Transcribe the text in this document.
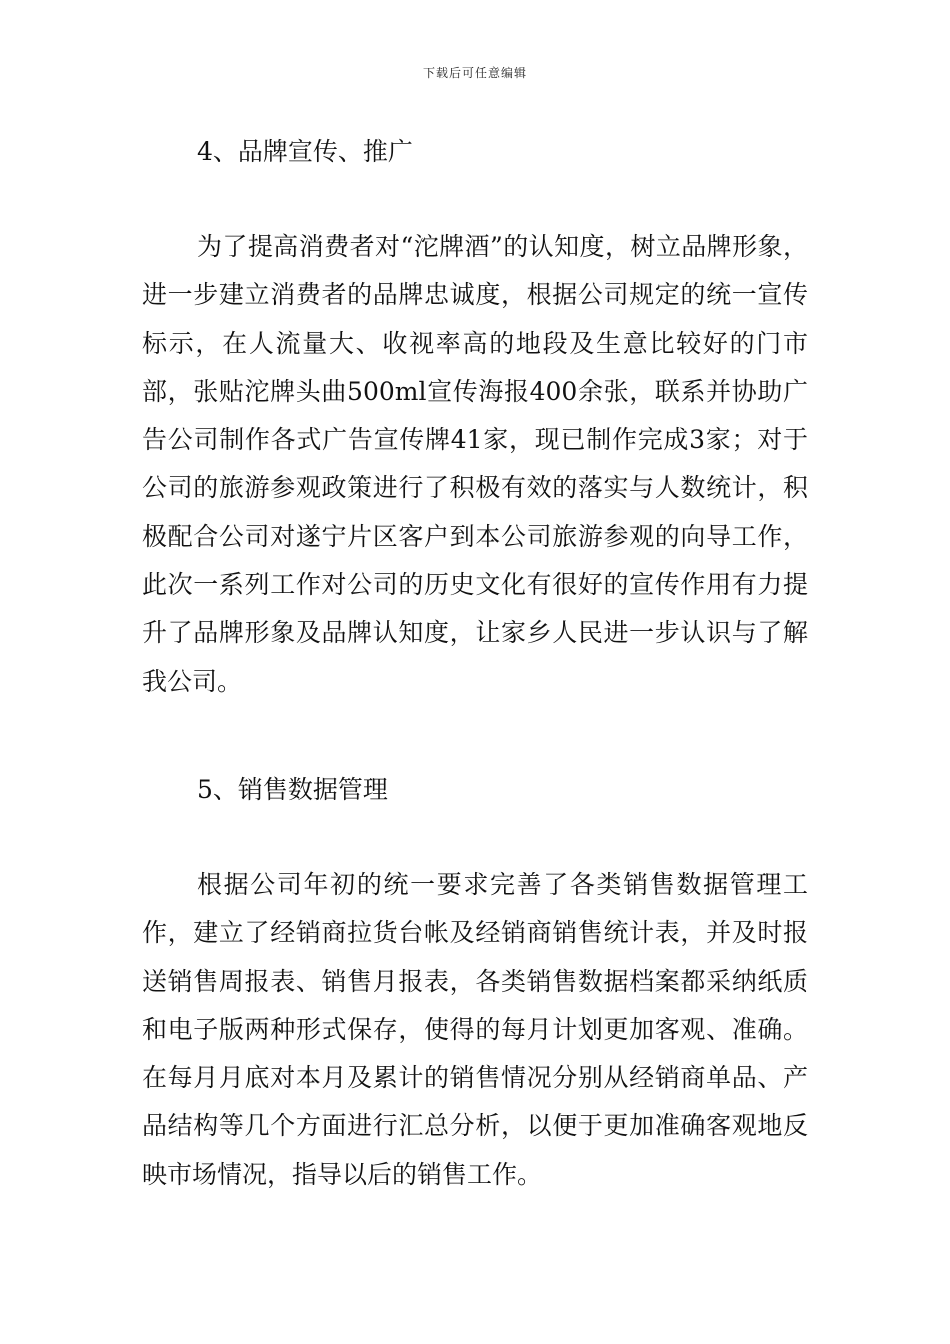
下载后可任意编辑
4、品牌宣传、推广

为了提高消费者对“沱牌酒”的认知度，树立品牌形象，进一步建立消费者的品牌忠诚度，根据公司规定的统一宣传标示，在人流量大、收视率高的地段及生意比较好的门市部，张贴沱牌头曲500ml宣传海报400余张，联系并协助广告公司制作各式广告宣传牌41家，现已制作完成3家；对于公司的旅游参观政策进行了积极有效的落实与人数统计，积极配合公司对遂宁片区客户到本公司旅游参观的向导工作，此次一系列工作对公司的历史文化有很好的宣传作用有力提升了品牌形象及品牌认知度，让家乡人民进一步认识与了解我公司。

5、销售数据管理

根据公司年初的统一要求完善了各类销售数据管理工作，建立了经销商拉货台帐及经销商销售统计表，并及时报送销售周报表、销售月报表，各类销售数据档案都采纳纸质和电子版两种形式保存，使得的每月计划更加客观、准确。在每月月底对本月及累计的销售情况分别从经销商单品、产品结构等几个方面进行汇总分析，以便于更加准确客观地反映市场情况，指导以后的销售工作。
